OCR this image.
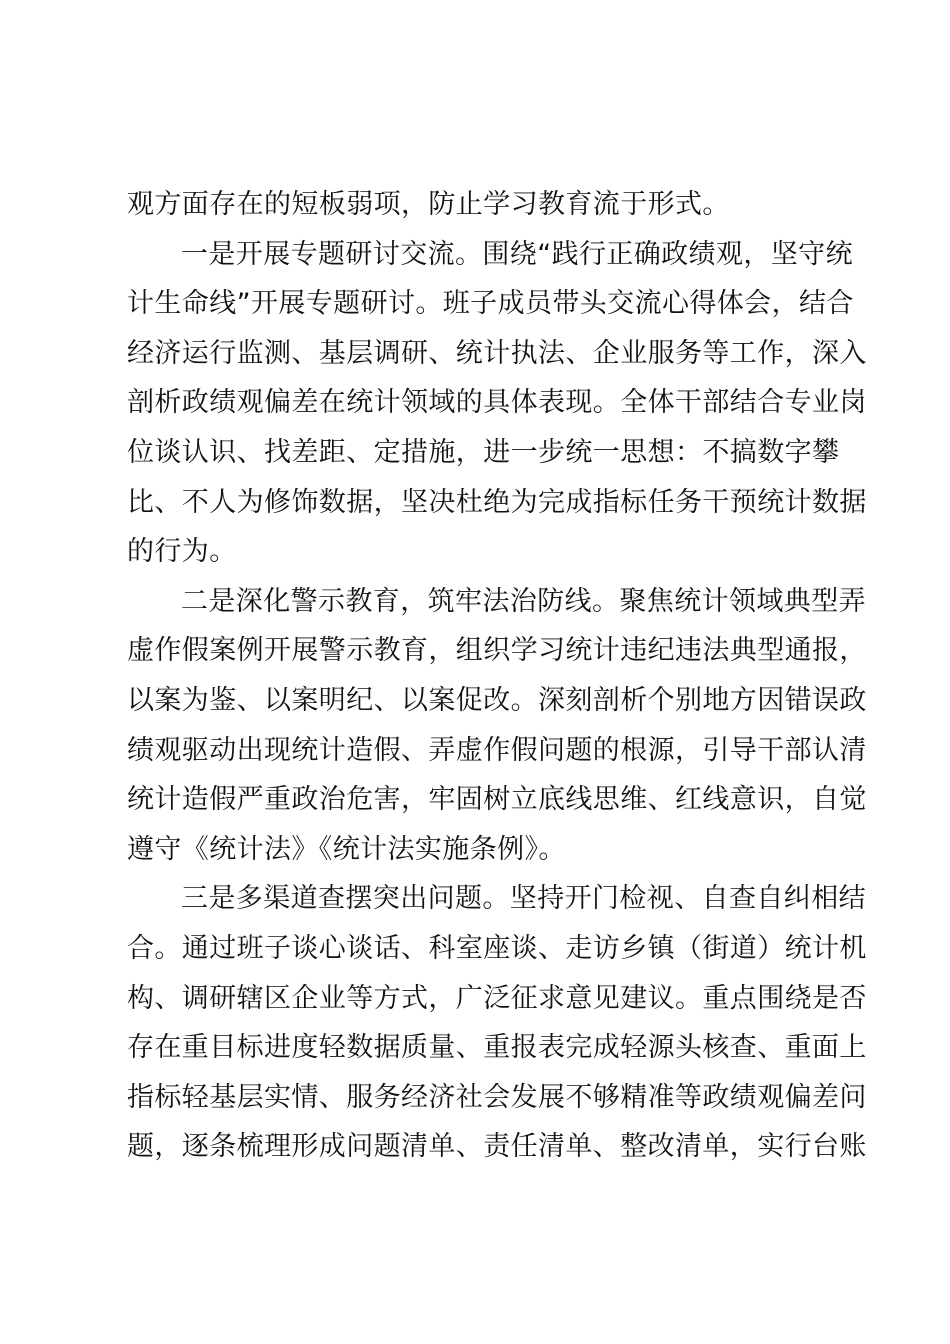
观方面存在的短板弱项，防止学习教育流于形式。
一是开展专题研讨交流。围绕“践行正确政绩观，坚守统
计生命线”开展专题研讨。班子成员带头交流心得体会，结合
经济运行监测、基层调研、统计执法、企业服务等工作，深入
剖析政绩观偏差在统计领域的具体表现。全体干部结合专业岗
位谈认识、找差距、定措施，进一步统一思想：不搞数字攀
比、不人为修饰数据，坚决杜绝为完成指标任务干预统计数据
的行为。
二是深化警示教育，筑牢法治防线。聚焦统计领域典型弄
虚作假案例开展警示教育，组织学习统计违纪违法典型通报，
以案为鉴、以案明纪、以案促改。深刻剖析个别地方因错误政
绩观驱动出现统计造假、弄虚作假问题的根源，引导干部认清
统计造假严重政治危害，牢固树立底线思维、红线意识，自觉
遵守《统计法》《统计法实施条例》。
三是多渠道查摆突出问题。坚持开门检视、自查自纠相结
合。通过班子谈心谈话、科室座谈、走访乡镇（街道）统计机
构、调研辖区企业等方式，广泛征求意见建议。重点围绕是否
存在重目标进度轻数据质量、重报表完成轻源头核查、重面上
指标轻基层实情、服务经济社会发展不够精准等政绩观偏差问
题，逐条梳理形成问题清单、责任清单、整改清单，实行台账
